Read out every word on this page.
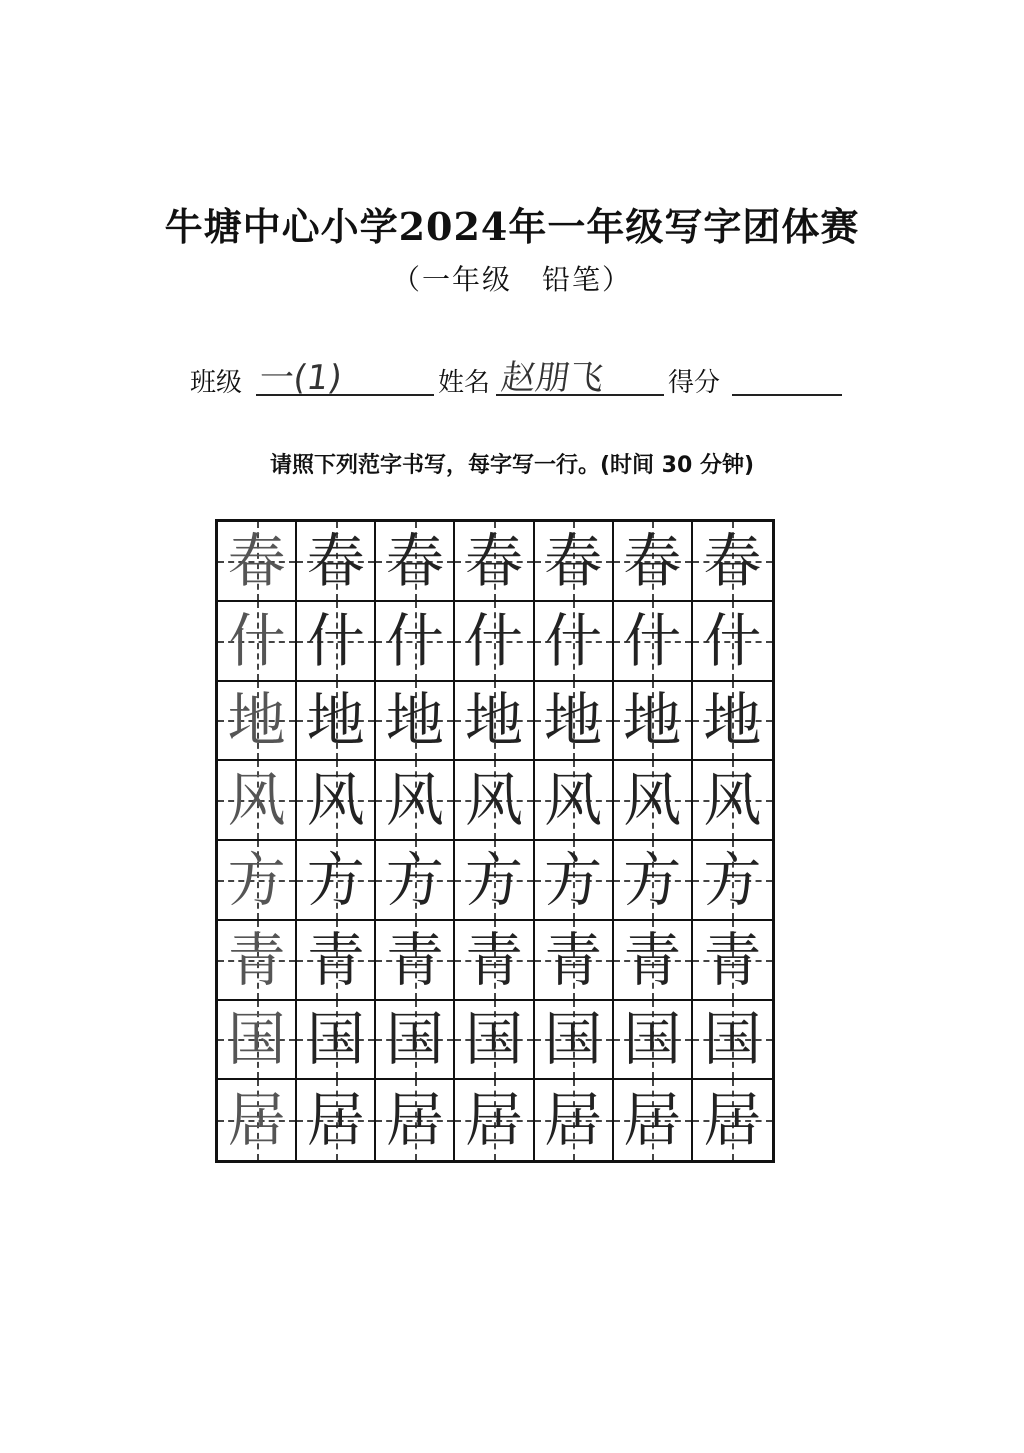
牛塘中心小学2024年一年级写字团体赛
（一年级　铅笔）
班级 一(1)	姓名 赵朋飞 得分
请照下列范字书写，每字写一行。(时间 30 分钟)
春 春 春 春 春 春 春
什 什 什 什 什 什 什
地 地 地 地 地 地 地
风 风 风 风 风 风 风
方 方 方 方 方 方 方
青 青 青 青 青 青 青
国 国 国 国 国 国 国
居 居 居 居 居 居 居
